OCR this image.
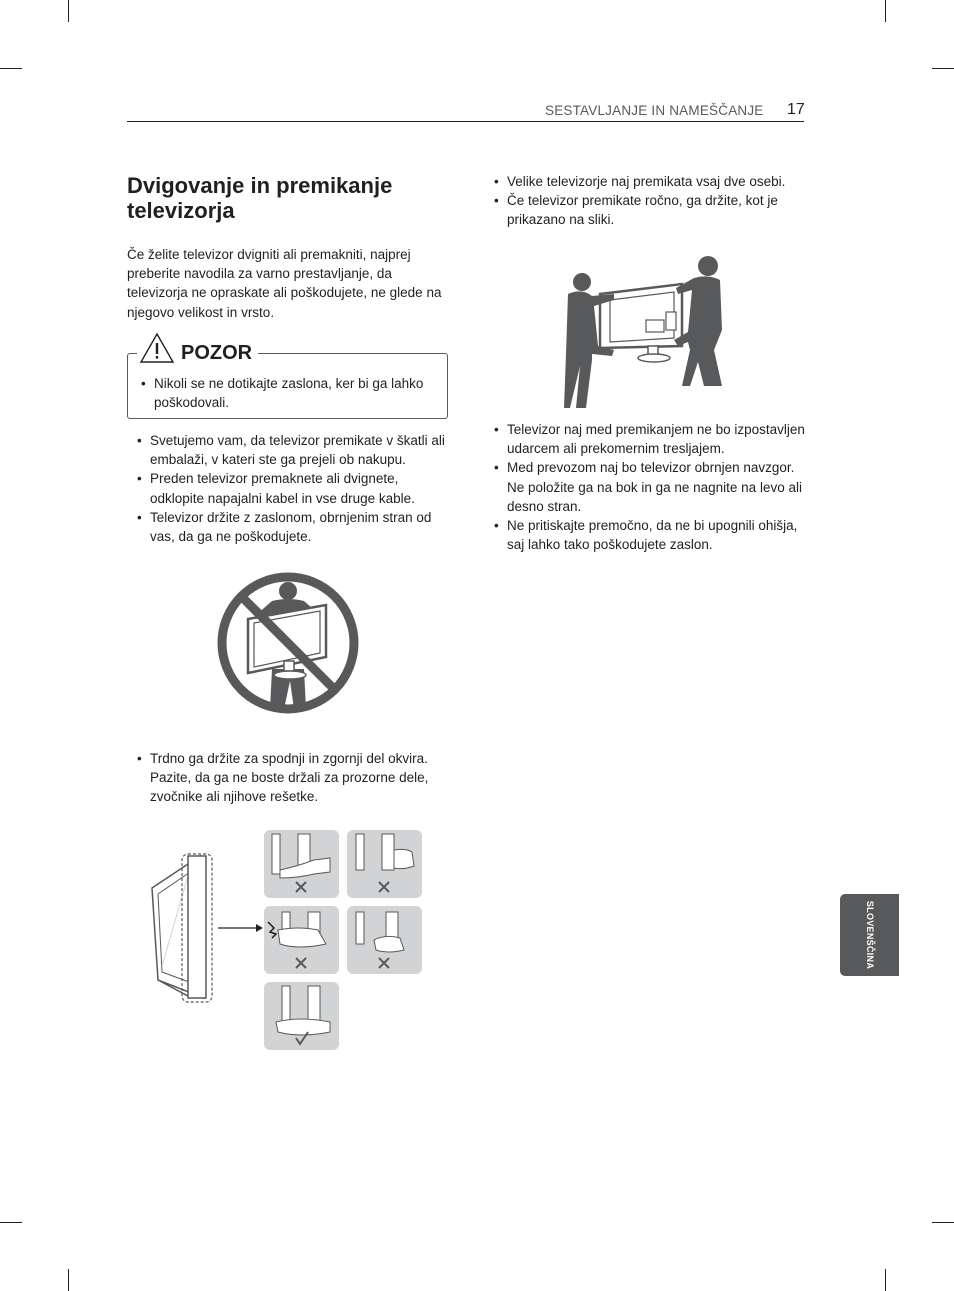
SESTAVLJANJE IN NAMEŠČANJE 17
Dvigovanje in premikanje televizorja

Če želite televizor dvigniti ali premakniti, najprej preberite navodila za varno prestavljanje, da televizorja ne opraskate ali poškodujete, ne glede na njegovo velikost in vrsto.

POZOR
• Nikoli se ne dotikajte zaslona, ker bi ga lahko poškodovali.
• Svetujemo vam, da televizor premikate v škatli ali embalaži, v kateri ste ga prejeli ob nakupu.
• Preden televizor premaknete ali dvignete, odklopite napajalni kabel in vse druge kable.
• Televizor držite z zaslonom, obrnjenim stran od vas, da ga ne poškodujete.
• Trdno ga držite za spodnji in zgornji del okvira. Pazite, da ga ne boste držali za prozorne dele, zvočnike ali njihove rešetke.
• Velike televizorje naj premikata vsaj dve osebi.
• Če televizor premikate ročno, ga držite, kot je prikazano na sliki.
• Televizor naj med premikanjem ne bo izpostavljen udarcem ali prekomernim tresljajem.
• Med prevozom naj bo televizor obrnjen navzgor. Ne položite ga na bok in ga ne nagnite na levo ali desno stran.
• Ne pritiskajte premočno, da ne bi upognili ohišja, saj lahko tako poškodujete zaslon.
SLOVENŠČINA
